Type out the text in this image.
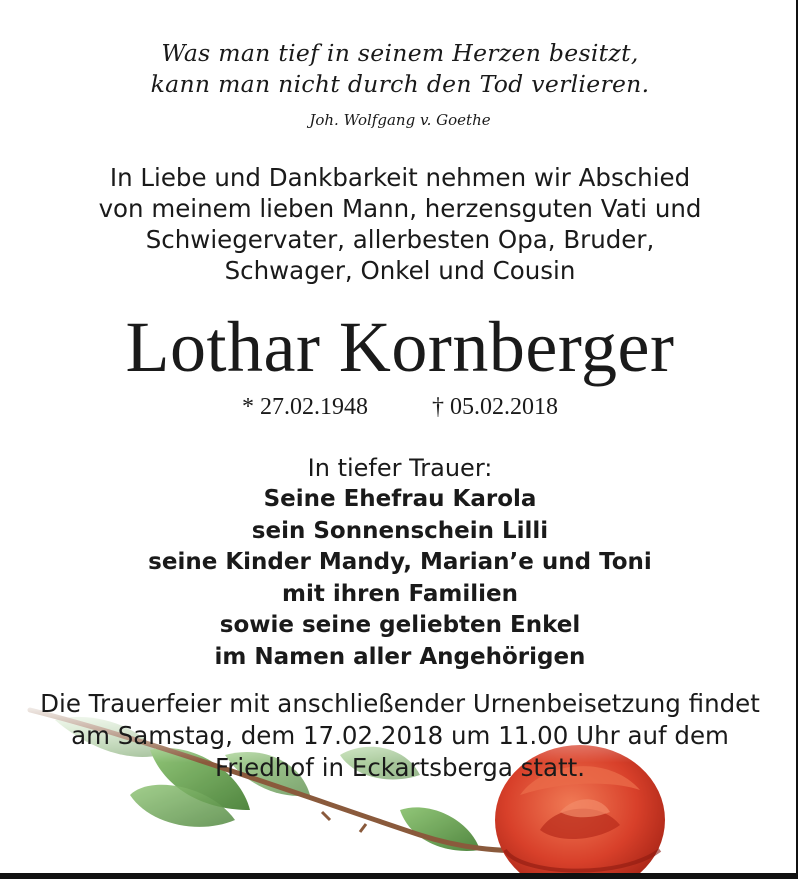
Was man tief in seinem Herzen besitzt,
kann man nicht durch den Tod verlieren.
Joh. Wolfgang v. Goethe
In Liebe und Dankbarkeit nehmen wir Abschied
von meinem lieben Mann, herzensguten Vati und
Schwiegervater, allerbesten Opa, Bruder,
Schwager, Onkel und Cousin
Lothar Kornberger
* 27.02.1948	† 05.02.2018
In tiefer Trauer:
Seine Ehefrau Karola
sein Sonnenschein Lilli
seine Kinder Mandy, Marian’e und Toni
mit ihren Familien
sowie seine geliebten Enkel
im Namen aller Angehörigen
Die Trauerfeier mit anschließender Urnenbeisetzung findet
am Samstag, dem 17.02.2018 um 11.00 Uhr auf dem
Friedhof in Eckartsberga statt.
